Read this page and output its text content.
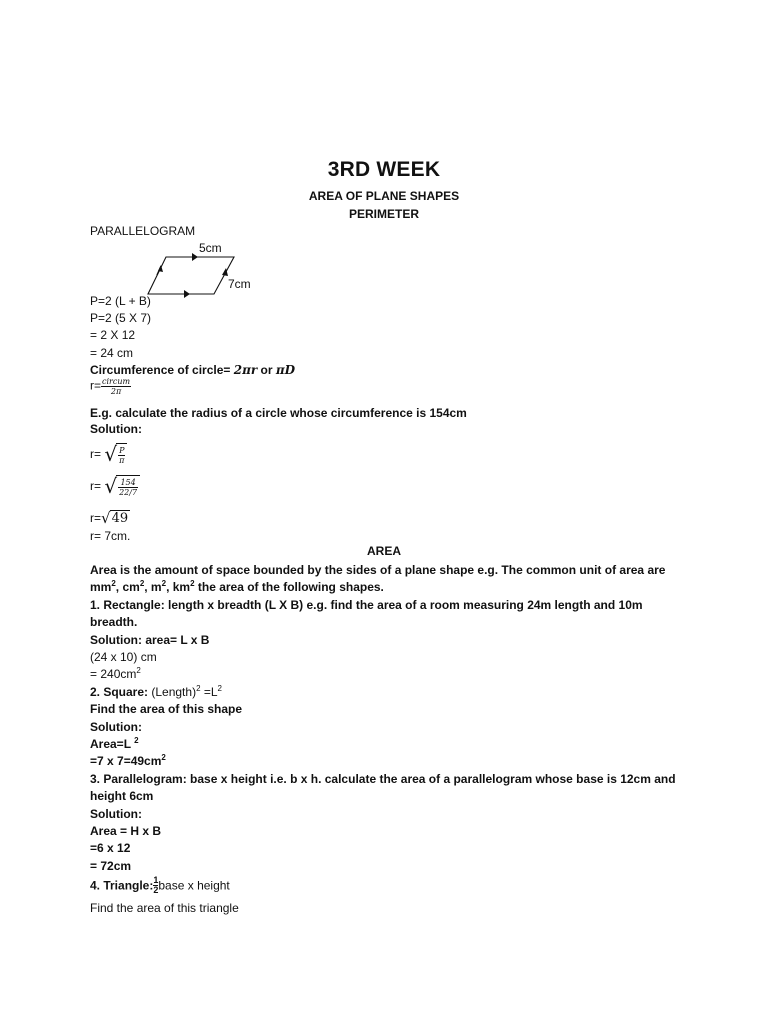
3RD WEEK
AREA OF PLANE SHAPES
PERIMETER
PARALLELOGRAM
5cm
7cm
P=2 (L + B)
P=2 (5 X 7)
= 2 X 12
= 24 cm
Circumference of circle= 2πr or πD
$r= \frac{\text{circum}}{2\pi}$
E.g. calculate the radius of a circle whose circumference is 154cm
Solution:
r= √ $\frac{P}{\pi}$
r= √ $\frac{154}{22/7}$
r= √ 49
r= 7cm.
AREA
Area is the amount of space bounded by the sides of a plane shape e.g. The common unit of area are
$mm^2$, $cm^2$, $m^2$, $km^2$ the area of the following shapes.
1. Rectangle: length x breadth (L X B) e.g. find the area of a room measuring 24m length and 10m
breadth.
Solution: area= L x B
(24 x 10) cm
= $240cm^2$
2. Square: (Length)$^2$ $=L^2$
Find the area of this shape
Solution:
Area=L $^2$
=7 x $7=49cm^2$
3. Parallelogram: base x height i.e. b x h. calculate the area of a parallelogram whose base is 12cm and
height 6cm
Solution:
Area = H x B
=6 x 12
= 72cm
4. Triangle: $\frac{1}{2}$ base x height
Find the area of this triangle
